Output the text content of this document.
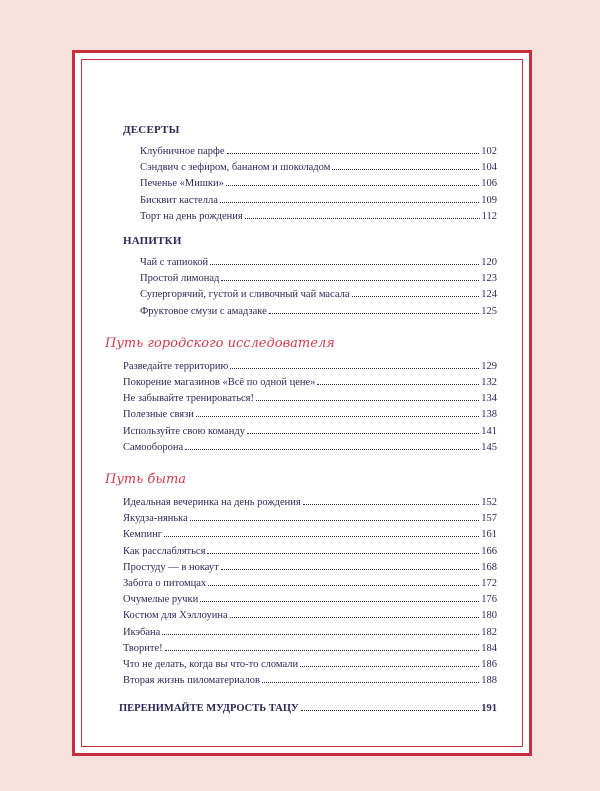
ДЕСЕРТЫ
Клубничное парфе	102
Сэндвич с зефиром, бананом и шоколадом	104
Печенье «Мишки»	106
Бисквит кастелла	109
Торт на день рождения	112
НАПИТКИ
Чай с тапиокой	120
Простой лимонад	123
Супергорячий, густой и сливочный чай масала	124
Фруктовое смузи с амадзаке	125
Путь городского исследователя
Разведайте территорию	129
Покорение магазинов «Всё по одной цене»	132
Не забывайте тренироваться!	134
Полезные связи	138
Используйте свою команду	141
Самооборона	145
Путь быта
Идеальная вечеринка на день рождения	152
Якудза-нянька	157
Кемпинг	161
Как расслабляться	166
Простуду — в нокаут	168
Забота о питомцах	172
Очумелые ручки	176
Костюм для Хэллоуина	180
Икэбана	182
Творите!	184
Что не делать, когда вы что-то сломали	186
Вторая жизнь пиломатериалов	188
ПЕРЕНИМАЙТЕ МУДРОСТЬ ТАЦУ	191
